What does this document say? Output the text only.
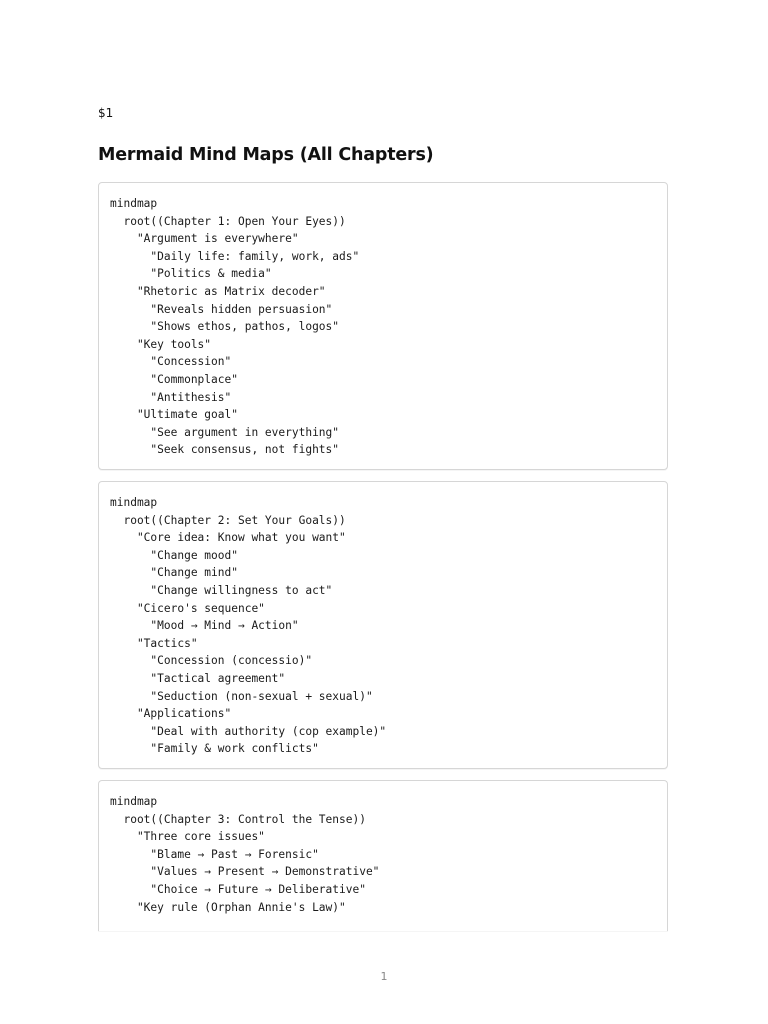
$1
Mermaid Mind Maps (All Chapters)
mindmap
root((Chapter 1: Open Your Eyes))
"Argument is everywhere"
"Daily life: family, work, ads"
"Politics & media"
"Rhetoric as Matrix decoder"
"Reveals hidden persuasion"
"Shows ethos, pathos, logos"
"Key tools"
"Concession"
"Commonplace"
"Antithesis"
"Ultimate goal"
"See argument in everything"
"Seek consensus, not fights"
mindmap
root((Chapter 2: Set Your Goals))
"Core idea: Know what you want"
"Change mood"
"Change mind"
"Change willingness to act"
"Cicero's sequence"
"Mood → Mind → Action"
"Tactics"
"Concession (concessio)"
"Tactical agreement"
"Seduction (non-sexual + sexual)"
"Applications"
"Deal with authority (cop example)"
"Family & work conflicts"
mindmap
root((Chapter 3: Control the Tense))
"Three core issues"
"Blame → Past → Forensic"
"Values → Present → Demonstrative"
"Choice → Future → Deliberative"
"Key rule (Orphan Annie's Law)"
1
